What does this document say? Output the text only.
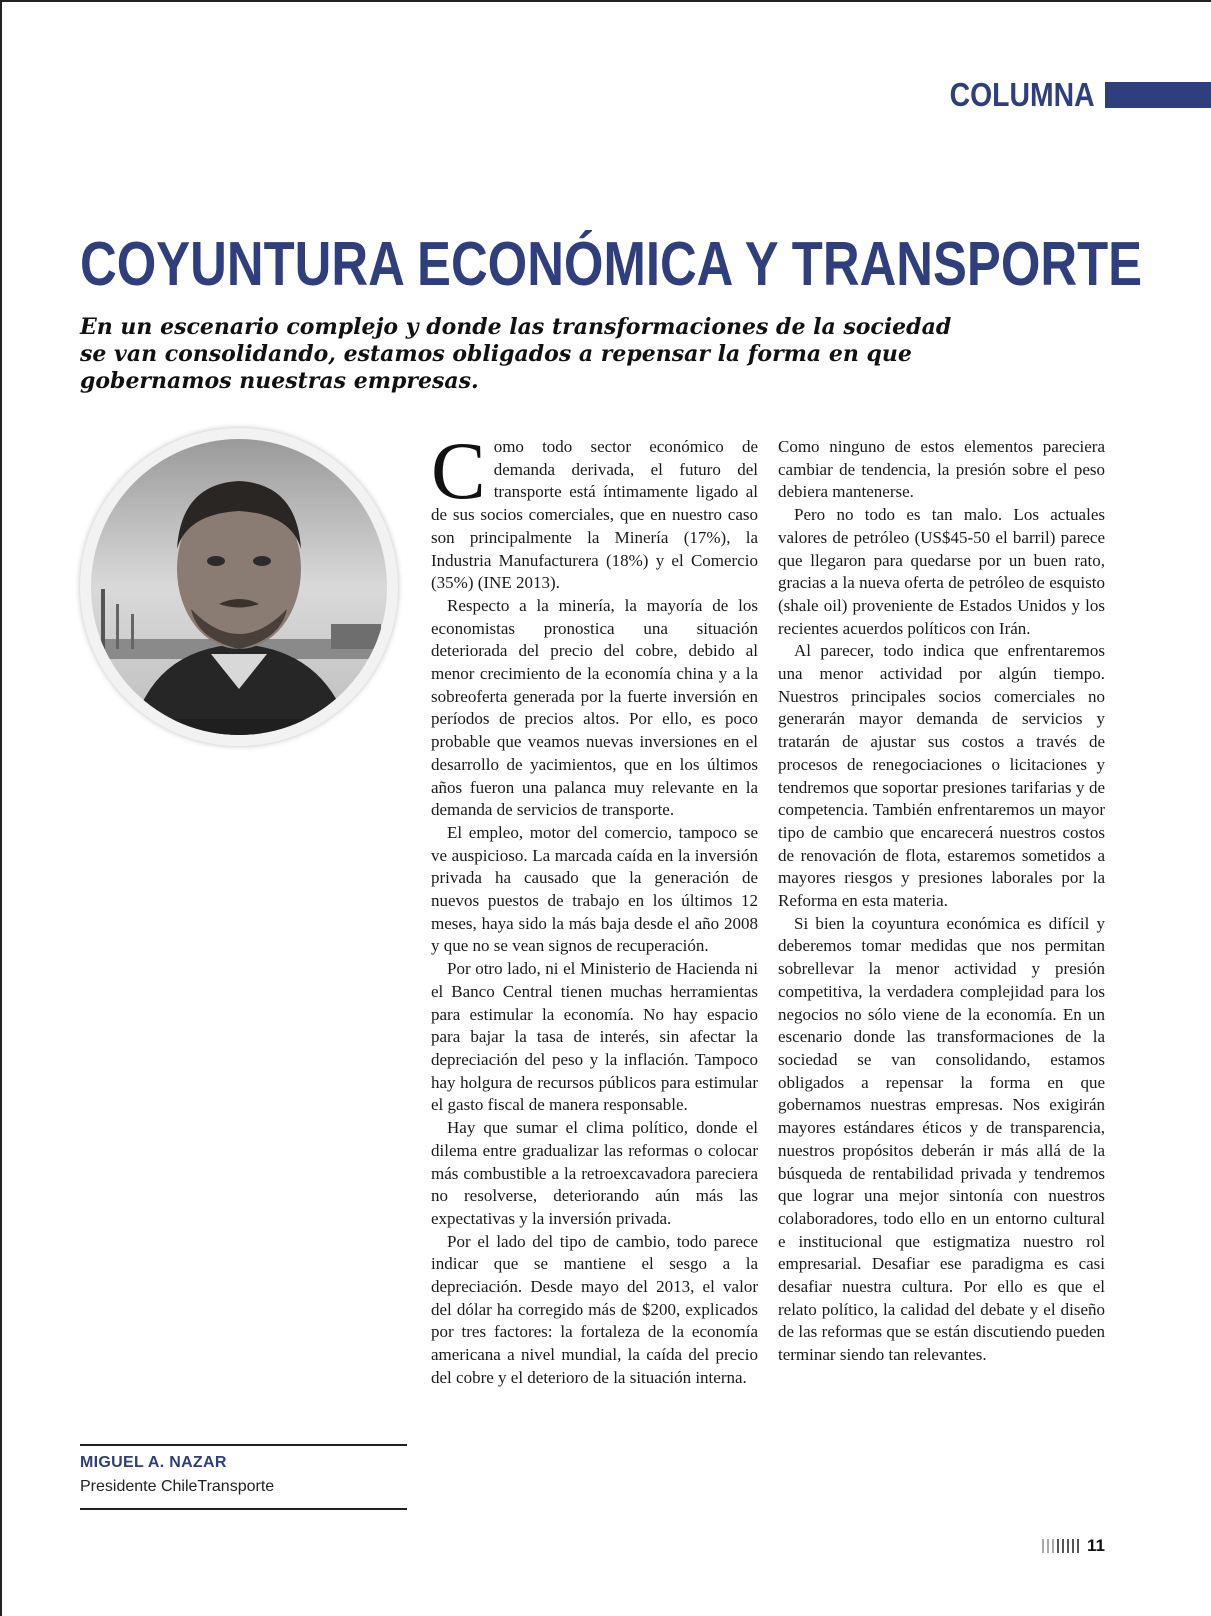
COLUMNA
COYUNTURA ECONÓMICA Y TRANSPORTE

En un escenario complejo y donde las transformaciones de la sociedad se van consolidando, estamos obligados a repensar la forma en que gobernamos nuestras empresas.

MIGUEL A. NAZAR
Presidente ChileTransporte

Como todo sector económico de demanda derivada, el futuro del transporte está íntimamente ligado al de sus socios comerciales, que en nuestro caso son principalmente la Minería (17%), la Industria Manufacturera (18%) y el Comercio (35%) (INE 2013).

Respecto a la minería, la mayoría de los economistas pronostica una situación deteriorada del precio del cobre, debido al menor crecimiento de la economía china y a la sobreoferta generada por la fuerte inversión en períodos de precios altos. Por ello, es poco probable que veamos nuevas inversiones en el desarrollo de yacimientos, que en los últimos años fueron una palanca muy relevante en la demanda de servicios de transporte.

El empleo, motor del comercio, tampoco se ve auspicioso. La marcada caída en la inversión privada ha causado que la generación de nuevos puestos de trabajo en los últimos 12 meses, haya sido la más baja desde el año 2008 y que no se vean signos de recuperación.

Por otro lado, ni el Ministerio de Hacienda ni el Banco Central tienen muchas herramientas para estimular la economía. No hay espacio para bajar la tasa de interés, sin afectar la depreciación del peso y la inflación. Tampoco hay holgura de recursos públicos para estimular el gasto fiscal de manera responsable.

Hay que sumar el clima político, donde el dilema entre gradualizar las reformas o colocar más combustible a la retroexcavadora pareciera no resolverse, deteriorando aún más las expectativas y la inversión privada.

Por el lado del tipo de cambio, todo parece indicar que se mantiene el sesgo a la depreciación. Desde mayo del 2013, el valor del dólar ha corregido más de $200, explicados por tres factores: la fortaleza de la economía americana a nivel mundial, la caída del precio del cobre y el deterioro de la situación interna.

Como ninguno de estos elementos pareciera cambiar de tendencia, la presión sobre el peso debiera mantenerse.

Pero no todo es tan malo. Los actuales valores de petróleo (US$45-50 el barril) parece que llegaron para quedarse por un buen rato, gracias a la nueva oferta de petróleo de esquisto (shale oil) proveniente de Estados Unidos y los recientes acuerdos políticos con Irán.

Al parecer, todo indica que enfrentaremos una menor actividad por algún tiempo. Nuestros principales socios comerciales no generarán mayor demanda de servicios y tratarán de ajustar sus costos a través de procesos de renegociaciones o licitaciones y tendremos que soportar presiones tarifarias y de competencia. También enfrentaremos un mayor tipo de cambio que encarecerá nuestros costos de renovación de flota, estaremos sometidos a mayores riesgos y presiones laborales por la Reforma en esta materia.

Si bien la coyuntura económica es difícil y deberemos tomar medidas que nos permitan sobrellevar la menor actividad y presión competitiva, la verdadera complejidad para los negocios no sólo viene de la economía. En un escenario donde las transformaciones de la sociedad se van consolidando, estamos obligados a repensar la forma en que gobernamos nuestras empresas. Nos exigirán mayores estándares éticos y de transparencia, nuestros propósitos deberán ir más allá de la búsqueda de rentabilidad privada y tendremos que lograr una mejor sintonía con nuestros colaboradores, todo ello en un entorno cultural e institucional que estigmatiza nuestro rol empresarial. Desafiar ese paradigma es casi desafiar nuestra cultura. Por ello es que el relato político, la calidad del debate y el diseño de las reformas que se están discutiendo pueden terminar siendo tan relevantes.

11
